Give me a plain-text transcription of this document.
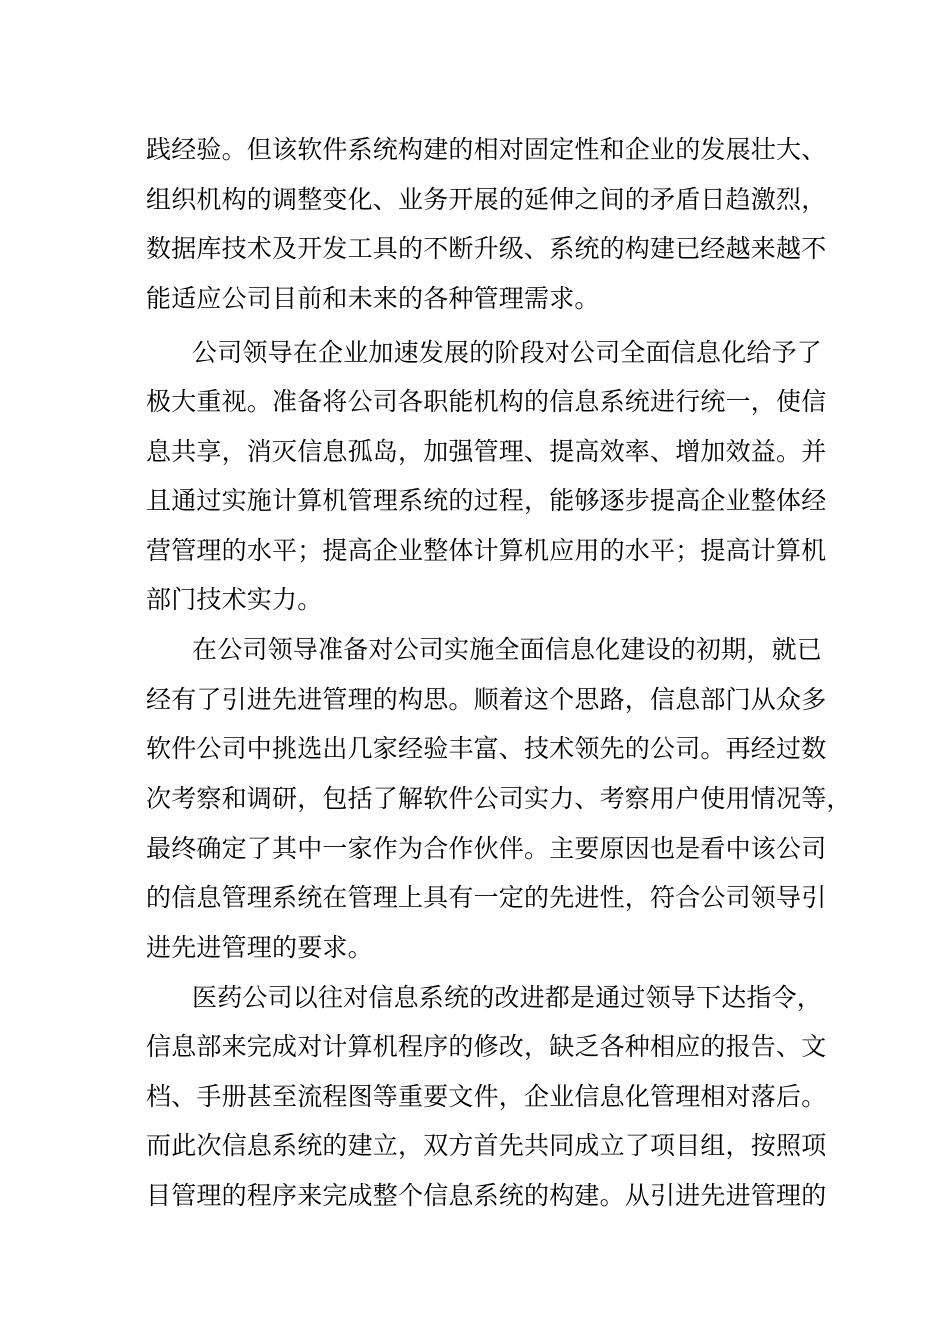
践经验。但该软件系统构建的相对固定性和企业的发展壮大、

组织机构的调整变化、业务开展的延伸之间的矛盾日趋激烈，

数据库技术及开发工具的不断升级、系统的构建已经越来越不

能适应公司目前和未来的各种管理需求。

公司领导在企业加速发展的阶段对公司全面信息化给予了

极大重视。准备将公司各职能机构的信息系统进行统一，使信

息共享，消灭信息孤岛，加强管理、提高效率、增加效益。并

且通过实施计算机管理系统的过程，能够逐步提高企业整体经

营管理的水平；提高企业整体计算机应用的水平；提高计算机

部门技术实力。

在公司领导准备对公司实施全面信息化建设的初期，就已

经有了引进先进管理的构思。顺着这个思路，信息部门从众多

软件公司中挑选出几家经验丰富、技术领先的公司。再经过数

次考察和调研，包括了解软件公司实力、考察用户使用情况等，

最终确定了其中一家作为合作伙伴。主要原因也是看中该公司

的信息管理系统在管理上具有一定的先进性，符合公司领导引

进先进管理的要求。

医药公司以往对信息系统的改进都是通过领导下达指令，

信息部来完成对计算机程序的修改，缺乏各种相应的报告、文

档、手册甚至流程图等重要文件，企业信息化管理相对落后。

而此次信息系统的建立，双方首先共同成立了项目组，按照项

目管理的程序来完成整个信息系统的构建。从引进先进管理的
